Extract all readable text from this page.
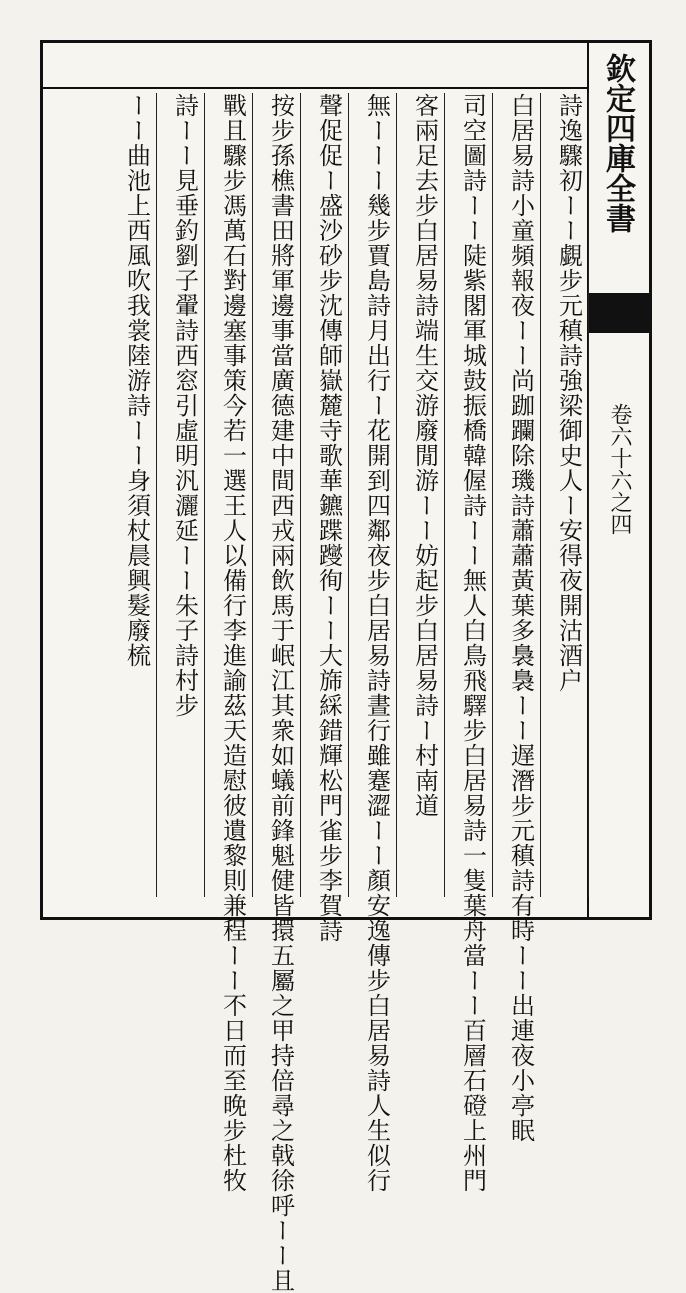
欽定四庫全書
卷六十六之四
詩逸驟初ーー覷步元稹詩強梁御史人ー安得夜開沽酒户
白居易詩小童頻報夜ーー尚跏躝除璣詩蕭蕭黃葉多裊裊ーー遅潛步元稹詩有時ーー出連夜小亭眠
司空圖詩ーー陡紫閣軍城鼓振橋韓偓詩ーー無人白鳥飛驛步白居易詩一隻葉舟當ーー百層石磴上州門
客兩足去步白居易詩端生交游廢閒游ーー妨起步白居易詩ー村南道
無ーーー幾步賈島詩月出行ー花開到四鄰夜步白居易詩晝行雖蹇澀ーー顏安逸傳步白居易詩人生似行
聲促促ー盛沙砂步沈傳師嶽麓寺歌華鑣蹀躞徇ーー大旆綵錯輝松門雀步李賀詩
按步孫樵書田將軍邊事當廣德建中間西戎兩飲馬于岷江其衆如蟻前鋒魁健皆擐五屬之甲持倍尋之戟徐呼ーー且
戰且驟步馮萬石對邊塞事策今若一選王人以備行李進諭茲天造慰彼遺黎則兼程ーー不日而至晚步杜牧
詩ーー見垂釣劉子翬詩西窓引虛明汎灑延ーー朱子詩村步
ーー曲池上西風吹我裳陸游詩ーー身須杖晨興髮廢梳
